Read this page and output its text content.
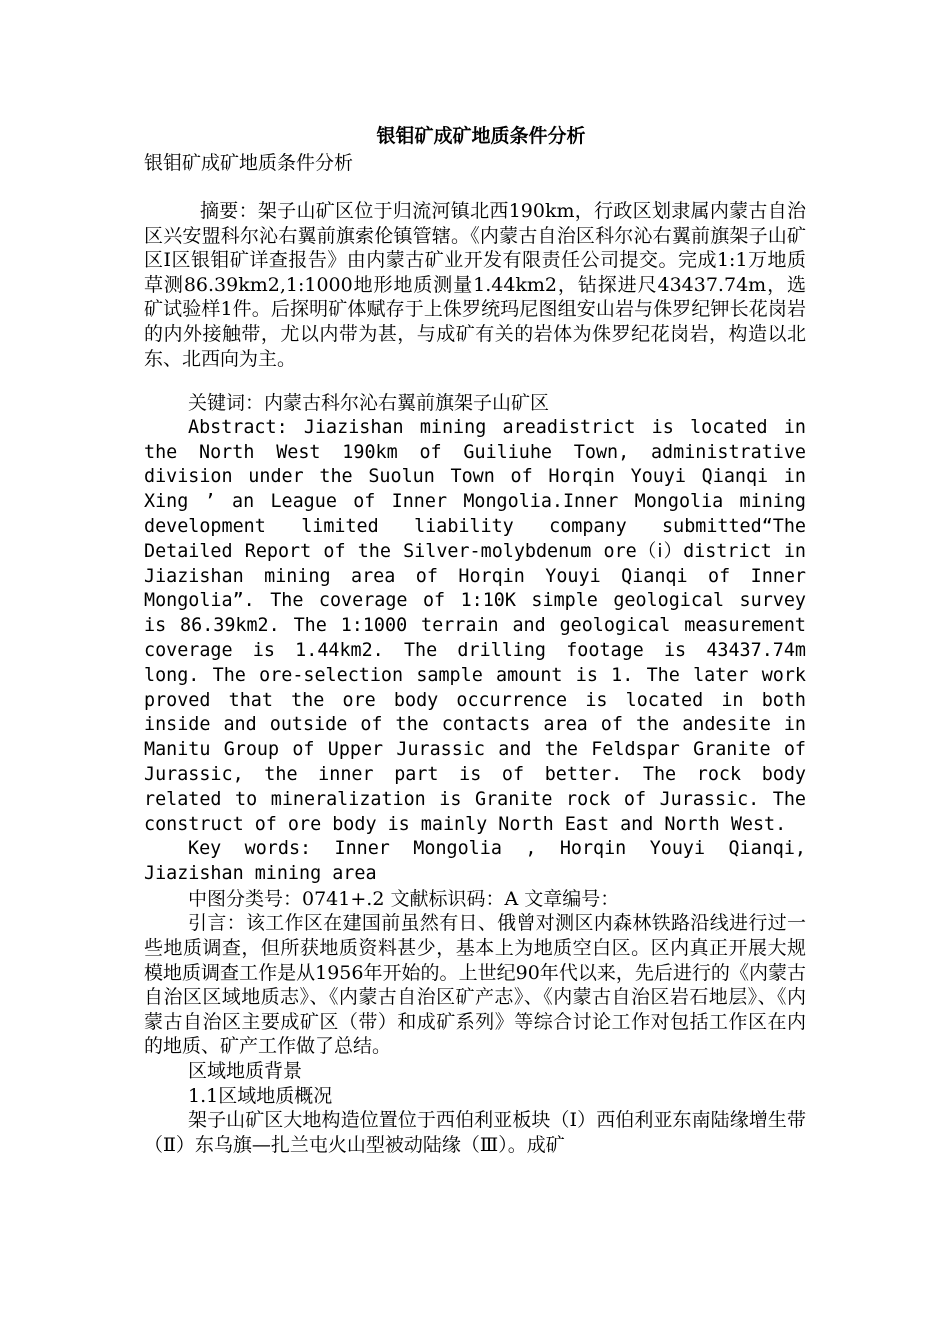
银钼矿成矿地质条件分析

银钼矿成矿地质条件分析

摘要：架子山矿区位于归流河镇北西190km，行政区划隶属内蒙古自治区兴安盟科尔沁右翼前旗索伦镇管辖。《内蒙古自治区科尔沁右翼前旗架子山矿区Ⅰ区银钼矿详查报告》由内蒙古矿业开发有限责任公司提交。完成1:1万地质草测86.39km2,1:1000地形地质测量1.44km2，钻探进尺43437.74m，选矿试验样1件。后探明矿体赋存于上侏罗统玛尼图组安山岩与侏罗纪钾长花岗岩的内外接触带，尤以内带为甚，与成矿有关的岩体为侏罗纪花岗岩，构造以北东、北西向为主。

关键词：内蒙古科尔沁右翼前旗架子山矿区

Abstract: Jiazishan mining areadistrict is located in the North West 190km of Guiliuhe Town, administrative division under the Suolun Town of Horqin Youyi Qianqi in Xing ’ an League of Inner Mongolia.Inner Mongolia mining development limited liability company submitted“The Detailed Report of the Silver-molybdenum ore（ⅰ）district in Jiazishan mining area of Horqin Youyi Qianqi of Inner Mongolia”. The coverage of 1:10K simple geological survey is 86.39km2. The 1:1000 terrain and geological measurement coverage is 1.44km2. The drilling footage is 43437.74m long. The ore-selection sample amount is 1. The later work proved that the ore body occurrence is located in both inside and outside of the contacts area of the andesite in Manitu Group of Upper Jurassic and the Feldspar Granite of Jurassic, the inner part is of better. The rock body related to mineralization is Granite rock of Jurassic. The construct of ore body is mainly North East and North West.

Key words: Inner Mongolia , Horqin Youyi Qianqi, Jiazishan mining area

中图分类号：0741+.2 文献标识码：A 文章编号：

引言：该工作区在建国前虽然有日、俄曾对测区内森林铁路沿线进行过一些地质调查，但所获地质资料甚少，基本上为地质空白区。区内真正开展大规模地质调查工作是从1956年开始的。上世纪90年代以来，先后进行的《内蒙古自治区区域地质志》、《内蒙古自治区矿产志》、《内蒙古自治区岩石地层》、《内蒙古自治区主要成矿区（带）和成矿系列》等综合讨论工作对包括工作区在内的地质、矿产工作做了总结。

区域地质背景

1.1区域地质概况

架子山矿区大地构造位置位于西伯利亚板块（Ⅰ）西伯利亚东南陆缘增生带（Ⅱ）东乌旗—扎兰屯火山型被动陆缘（Ⅲ）。成矿
